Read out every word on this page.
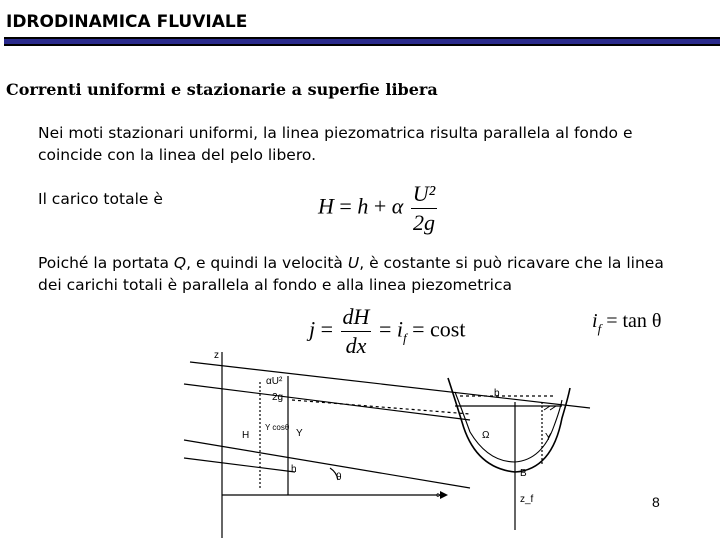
IDRODINAMICA FLUVIALE
Correnti uniformi e stazionarie a superfie libera
Nei moti stazionari uniformi, la linea piezomatrica risulta parallela al fondo e coincide con la linea del pelo libero.
Il carico totale è	H = h + α $\frac{\text{U²}}{2g}$
Poiché la portata Q, e quindi la velocità U, è costante si può ricavare che la linea dei carichi totali è parallela al fondo e alla linea piezometrica
$j = \frac{dH}{dx} = i_f = \cos t$	$i_f = \tan \theta$
z
αU²
2g
H
Y cosθ
Y
h
θ
∞
b
Ω	Y
B
z_f	8
